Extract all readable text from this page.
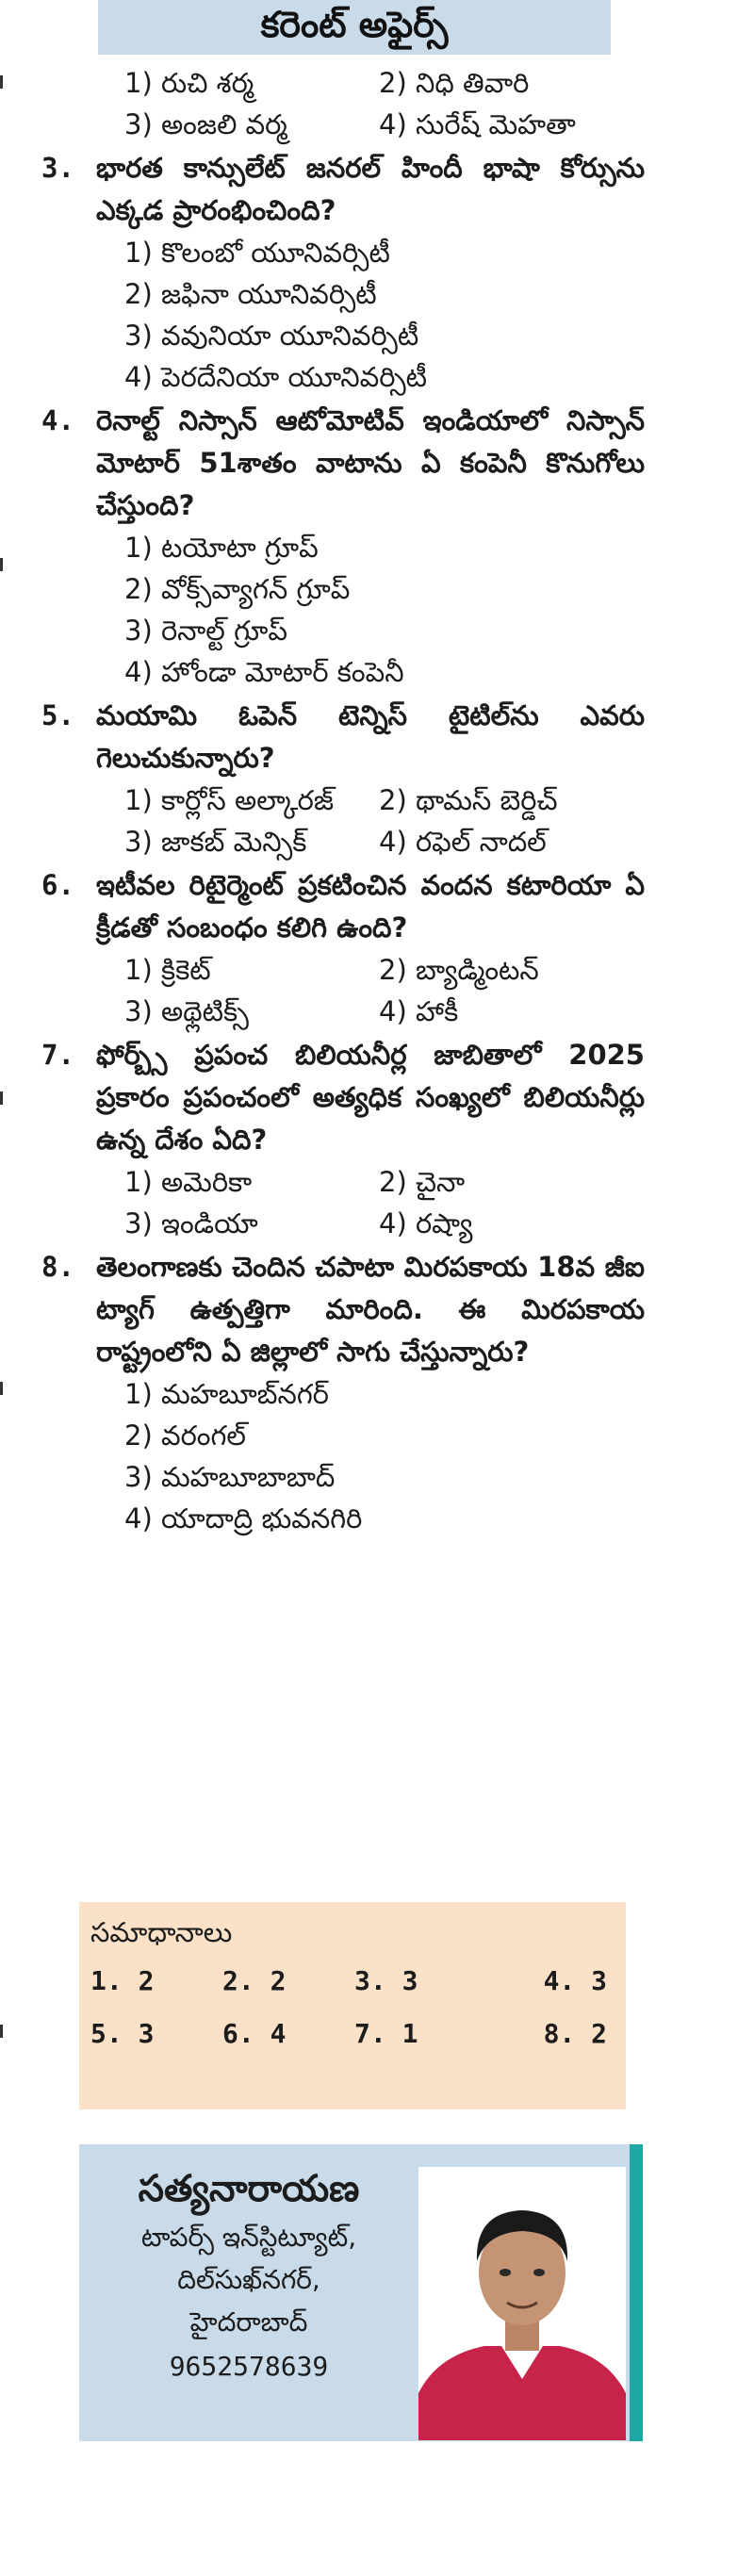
కరెంట్ అఫైర్స్
1) రుచి శర్మ	2) నిధి తివారి
3) అంజలి వర్మ	4) సురేష్ మెహతా
3. భారత కాన్సులేట్ జనరల్ హిందీ భాషా కోర్సును ఎక్కడ ప్రారంభించింది?
1) కొలంబో యూనివర్సిటీ
2) జఫినా యూనివర్సిటీ
3) వవునియా యూనివర్సిటీ
4) పెరదేనియా యూనివర్సిటీ
4. రెనాల్ట్ నిస్సాన్ ఆటోమోటివ్ ఇండియాలో నిస్సాన్ మోటార్ 51శాతం వాటాను ఏ కంపెనీ కొనుగోలు చేస్తుంది?
1) టయోటా గ్రూప్
2) వోక్స్‌వ్యాగన్ గ్రూప్
3) రెనాల్ట్ గ్రూప్
4) హోండా మోటార్ కంపెనీ
5. మయామి ఓపెన్ టెన్నిస్ టైటిల్‌ను ఎవరు గెలుచుకున్నారు?
1) కార్లోస్ అల్కారజ్	2) థామస్ బెర్డిచ్
3) జాకబ్ మెన్సిక్	4) రఫెల్ నాదల్
6. ఇటీవల రిటైర్మెంట్ ప్రకటించిన వందన కటారియా ఏ క్రీడతో సంబంధం కలిగి ఉంది?
1) క్రికెట్	2) బ్యాడ్మింటన్
3) అథ్లెటిక్స్	4) హాకీ
7. ఫోర్బ్స్ ప్రపంచ బిలియనీర్ల జాబితాలో 2025 ప్రకారం ప్రపంచంలో అత్యధిక సంఖ్యలో బిలియనీర్లు ఉన్న దేశం ఏది?
1) అమెరికా	2) చైనా
3) ఇండియా	4) రష్యా
8. తెలంగాణకు చెందిన చపాటా మిరపకాయ 18వ జీఐ ట్యాగ్ ఉత్పత్తిగా మారింది. ఈ మిరపకాయ రాష్ట్రంలోని ఏ జిల్లాలో సాగు చేస్తున్నారు?
1) మహబూబ్‌నగర్
2) వరంగల్
3) మహబూబాబాద్
4) యాదాద్రి భువనగిరి
సమాధానాలు
1. 2	2. 2	3. 3	4. 3
5. 3	6. 4	7. 1	8. 2
సత్యనారాయణ
టాపర్స్ ఇన్‌స్టిట్యూట్,
దిల్‌సుఖ్‌నగర్,
హైదరాబాద్
9652578639
